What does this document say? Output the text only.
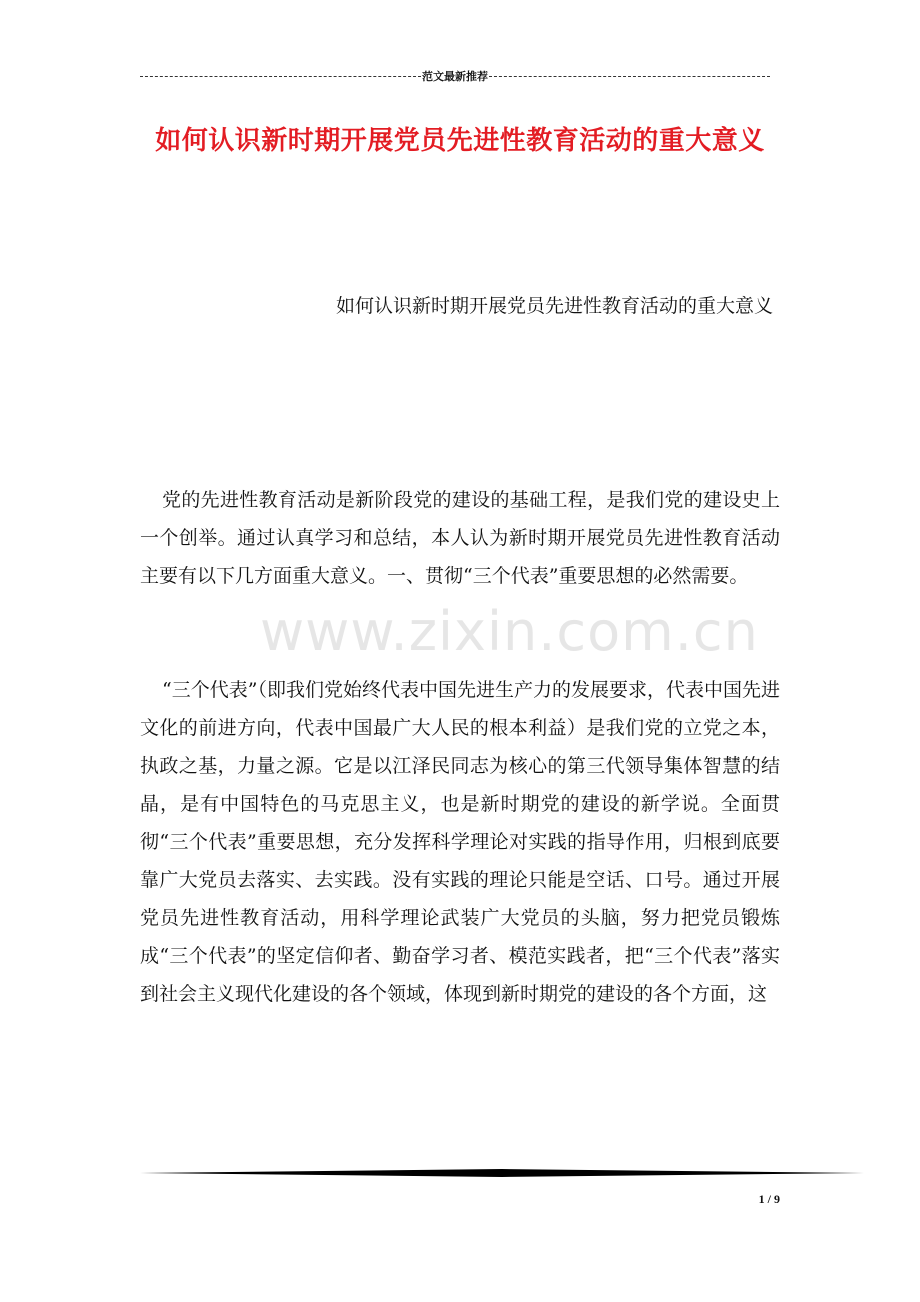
范文最新推荐
如何认识新时期开展党员先进性教育活动的重大意义
如何认识新时期开展党员先进性教育活动的重大意义
党的先进性教育活动是新阶段党的建设的基础工程，是我们党的建设史上一个创举。通过认真学习和总结，本人认为新时期开展党员先进性教育活动主要有以下几方面重大意义。一、贯彻“三个代表”重要思想的必然需要。
“三个代表”（即我们党始终代表中国先进生产力的发展要求，代表中国先进文化的前进方向，代表中国最广大人民的根本利益）是我们党的立党之本，执政之基，力量之源。它是以江泽民同志为核心的第三代领导集体智慧的结晶，是有中国特色的马克思主义，也是新时期党的建设的新学说。全面贯彻“三个代表”重要思想，充分发挥科学理论对实践的指导作用，归根到底要靠广大党员去落实、去实践。没有实践的理论只能是空话、口号。通过开展党员先进性教育活动，用科学理论武装广大党员的头脑，努力把党员锻炼成“三个代表”的坚定信仰者、勤奋学习者、模范实践者，把“三个代表”落实到社会主义现代化建设的各个领域，体现到新时期党的建设的各个方面，这
www.zixin.com.cn
1 / 9
